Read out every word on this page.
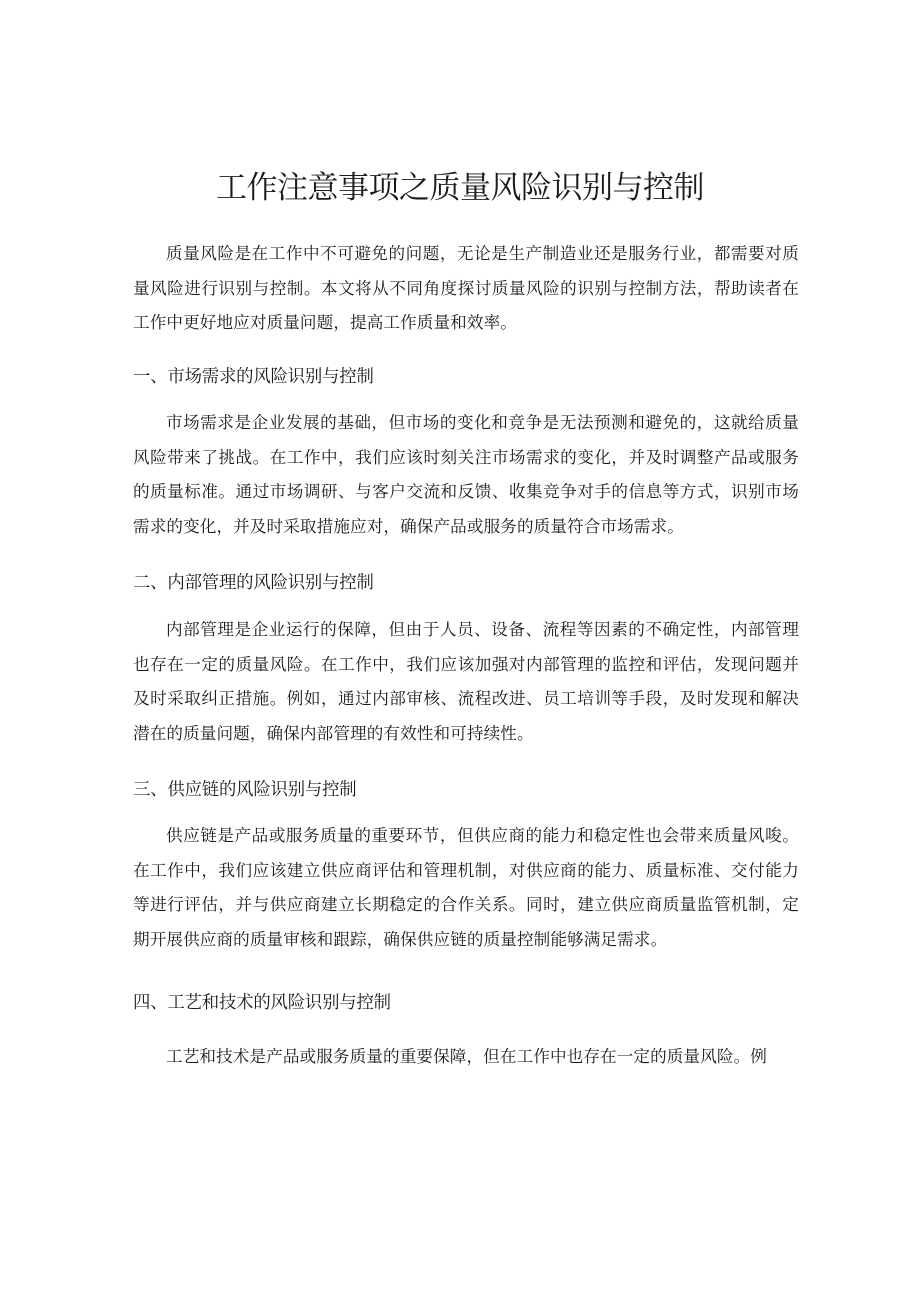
工作注意事项之质量风险识别与控制

质量风险是在工作中不可避免的问题，无论是生产制造业还是服务行业，都需要对质量风险进行识别与控制。本文将从不同角度探讨质量风险的识别与控制方法，帮助读者在工作中更好地应对质量问题，提高工作质量和效率。

一、市场需求的风险识别与控制

市场需求是企业发展的基础，但市场的变化和竞争是无法预测和避免的，这就给质量风险带来了挑战。在工作中，我们应该时刻关注市场需求的变化，并及时调整产品或服务的质量标准。通过市场调研、与客户交流和反馈、收集竞争对手的信息等方式，识别市场需求的变化，并及时采取措施应对，确保产品或服务的质量符合市场需求。

二、内部管理的风险识别与控制

内部管理是企业运行的保障，但由于人员、设备、流程等因素的不确定性，内部管理也存在一定的质量风险。在工作中，我们应该加强对内部管理的监控和评估，发现问题并及时采取纠正措施。例如，通过内部审核、流程改进、员工培训等手段，及时发现和解决潜在的质量问题，确保内部管理的有效性和可持续性。

三、供应链的风险识别与控制

供应链是产品或服务质量的重要环节，但供应商的能力和稳定性也会带来质量风唆。在工作中，我们应该建立供应商评估和管理机制，对供应商的能力、质量标准、交付能力等进行评估，并与供应商建立长期稳定的合作关系。同时，建立供应商质量监管机制，定期开展供应商的质量审核和跟踪，确保供应链的质量控制能够满足需求。

四、工艺和技术的风险识别与控制

工艺和技术是产品或服务质量的重要保障，但在工作中也存在一定的质量风险。例
